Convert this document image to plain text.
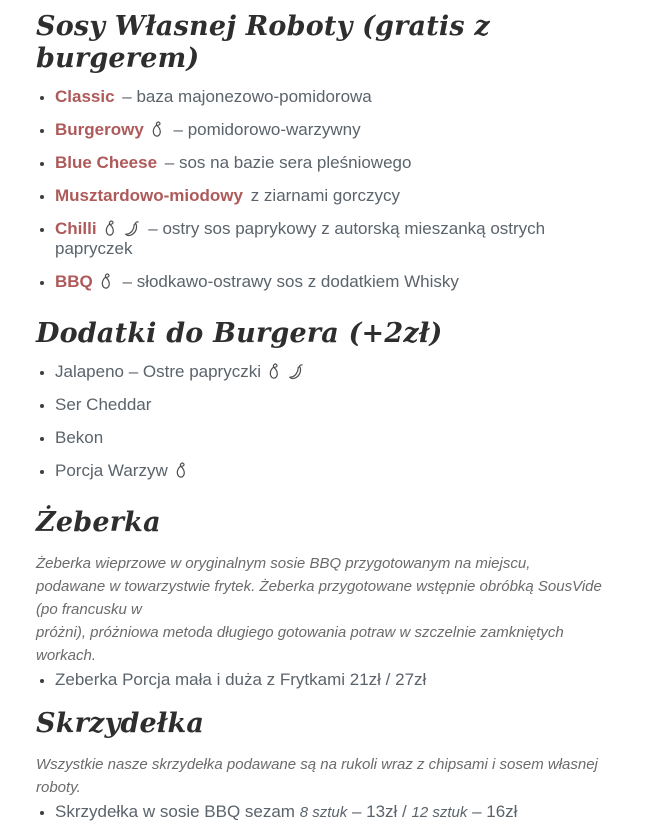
Sosy Własnej Roboty (gratis z burgerem)
• Classic – baza majonezowo-pomidorowa
• Burgerowy – pomidorowo-warzywny
• Blue Cheese – sos na bazie sera pleśniowego
• Musztardowo-miodowy z ziarnami gorczycy
• Chilli	– ostry sos paprykowy z autorską mieszanką ostrych papryczek
• BBQ – słodkawo-ostrawy sos z dodatkiem Whisky
Dodatki do Burgera (+2zł)
• Jalapeno – Ostre papryczki
• Ser Cheddar
• Bekon
• Porcja Warzyw
Żeberka

Żeberka wieprzowe w oryginalnym sosie BBQ przygotowanym na miejscu,
podawane w towarzystwie frytek. Żeberka przygotowane wstępnie obróbką SousVide (po francusku w
próżni), próżniowa metoda długiego gotowania potraw w szczelnie zamkniętych workach.

• Zeberka Porcja mała i duża z Frytkami 21zł / 27zł
Skrzydełka

Wszystkie nasze skrzydełka podawane są na rukoli wraz z chipsami i sosem własnej roboty.

• Skrzydełka w sosie BBQ sezam 8 sztuk – 13zł / 12 sztuk – 16zł
